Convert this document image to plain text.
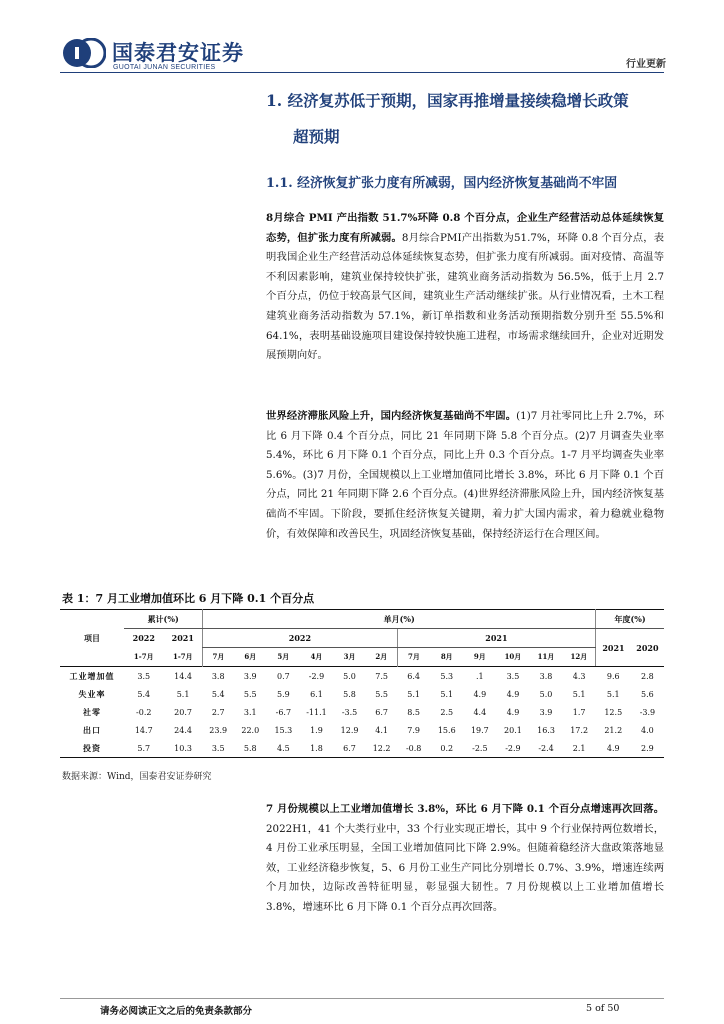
国泰君安证券
GUOTAI JUNAN SECURITIES	行业更新
1. 经济复苏低于预期，国家再推增量接续稳增长政策
超预期
1.1. 经济恢复扩张力度有所减弱，国内经济恢复基础尚不牢固
8月综合 PMI 产出指数 51.7%环降 0.8 个百分点，企业生产经营活动总体延续恢复态势，但扩张力度有所减弱。8月综合PMI产出指数为51.7%，环降 0.8 个百分点，表明我国企业生产经营活动总体延续恢复态势，但扩张力度有所减弱。面对疫情、高温等不利因素影响，建筑业保持较快扩张，建筑业商务活动指数为 56.5%，低于上月 2.7 个百分点，仍位于较高景气区间，建筑业生产活动继续扩张。从行业情况看，土木工程建筑业商务活动指数为 57.1%，新订单指数和业务活动预期指数分别升至 55.5%和 64.1%，表明基础设施项目建设保持较快施工进程，市场需求继续回升，企业对近期发展预期向好。
世界经济滞胀风险上升，国内经济恢复基础尚不牢固。(1)7 月社零同比上升 2.7%，环比 6 月下降 0.4 个百分点，同比 21 年同期下降 5.8 个百分点。(2)7 月调查失业率 5.4%，环比 6 月下降 0.1 个百分点，同比上升 0.3 个百分点。1-7 月平均调查失业率 5.6%。(3)7 月份，全国规模以上工业增加值同比增长 3.8%，环比 6 月下降 0.1 个百分点，同比 21 年同期下降 2.6 个百分点。(4)世界经济滞胀风险上升，国内经济恢复基础尚不牢固。下阶段，要抓住经济恢复关键期，着力扩大国内需求，着力稳就业稳物价，有效保障和改善民生，巩固经济恢复基础，保持经济运行在合理区间。
表 1：7 月工业增加值环比 6 月下降 0.1 个百分点
项目	累计(%)		单月(%)												年度(%)	
	2022	2021	2022						2021						2021	2020
	1-7月	1-7月	7月	6月	5月	4月	3月	2月	7月	8月	9月	10月	11月	12月		
工业增加值	3.5	14.4	3.8	3.9	0.7	-2.9	5.0	7.5	6.4	5.3	.1	3.5	3.8	4.3	9.6	2.8
失业率	5.4	5.1	5.4	5.5	5.9	6.1	5.8	5.5	5.1	5.1	4.9	4.9	5.0	5.1	5.1	5.6
社零	-0.2	20.7	2.7	3.1	-6.7	-11.1	-3.5	6.7	8.5	2.5	4.4	4.9	3.9	1.7	12.5	-3.9
出口	14.7	24.4	23.9	22.0	15.3	1.9	12.9	4.1	7.9	15.6	19.7	20.1	16.3	17.2	21.2	4.0
投资	5.7	10.3	3.5	5.8	4.5	1.8	6.7	12.2	-0.8	0.2	-2.5	-2.9	-2.4	2.1	4.9	2.9
数据来源：Wind，国泰君安证券研究
7 月份规模以上工业增加值增长 3.8%，环比 6 月下降 0.1 个百分点增速再次回落。2022H1，41 个大类行业中，33 个行业实现正增长，其中 9 个行业保持两位数增长，4 月份工业承压明显，全国工业增加值同比下降 2.9%。但随着稳经济大盘政策落地显效，工业经济稳步恢复，5、6 月份工业生产同比分别增长 0.7%、3.9%，增速连续两个月加快，边际改善特征明显，彰显强大韧性。7 月份规模以上工业增加值增长 3.8%，增速环比 6 月下降 0.1 个百分点再次回落。
请务必阅读正文之后的免责条款部分	5 of 50
